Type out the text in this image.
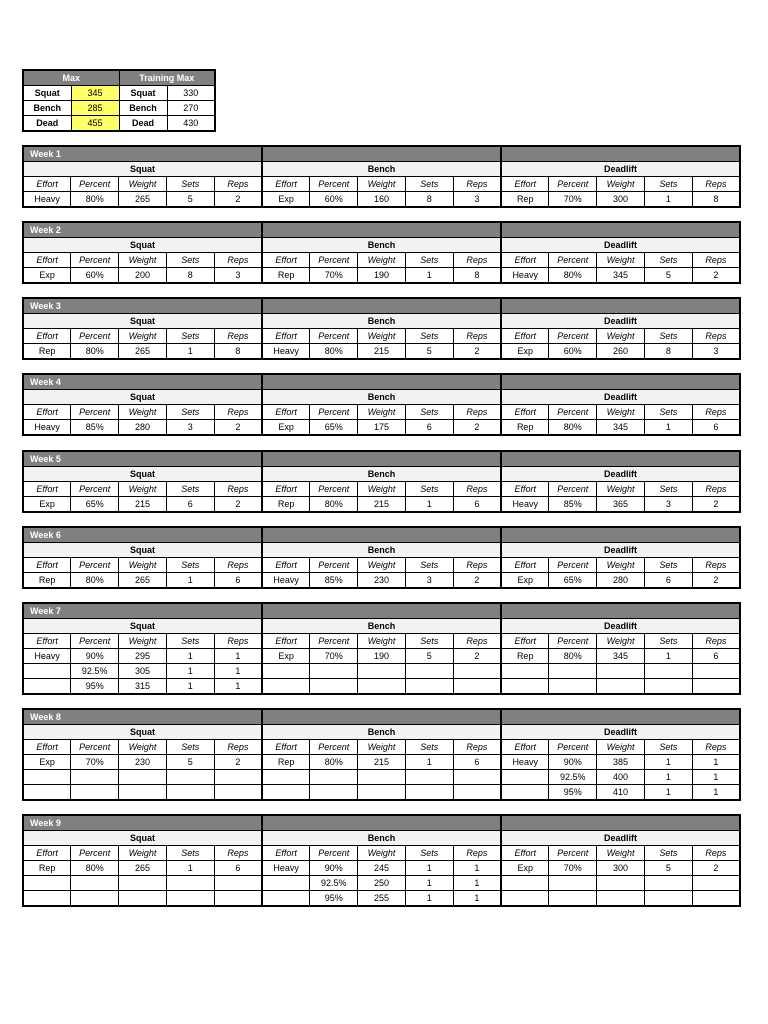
Max		Training Max	
Squat	345	Squat	330
Bench	285	Bench	270
Dead	455	Dead	430
Week 1														
Squat					Bench					Deadlift				
Effort	Percent	Weight	Sets	Reps	Effort	Percent	Weight	Sets	Reps	Effort	Percent	Weight	Sets	Reps
Heavy	80%	265	5	2	Exp	60%	160	8	3	Rep	70%	300	1	8
Week 2														
Squat					Bench					Deadlift				
Effort	Percent	Weight	Sets	Reps	Effort	Percent	Weight	Sets	Reps	Effort	Percent	Weight	Sets	Reps
Exp	60%	200	8	3	Rep	70%	190	1	8	Heavy	80%	345	5	2
Week 3														
Squat					Bench					Deadlift				
Effort	Percent	Weight	Sets	Reps	Effort	Percent	Weight	Sets	Reps	Effort	Percent	Weight	Sets	Reps
Rep	80%	265	1	8	Heavy	80%	215	5	2	Exp	60%	260	8	3
Week 4														
Squat					Bench					Deadlift				
Effort	Percent	Weight	Sets	Reps	Effort	Percent	Weight	Sets	Reps	Effort	Percent	Weight	Sets	Reps
Heavy	85%	280	3	2	Exp	65%	175	6	2	Rep	80%	345	1	6
Week 5														
Squat					Bench					Deadlift				
Effort	Percent	Weight	Sets	Reps	Effort	Percent	Weight	Sets	Reps	Effort	Percent	Weight	Sets	Reps
Exp	65%	215	6	2	Rep	80%	215	1	6	Heavy	85%	365	3	2
Week 6														
Squat					Bench					Deadlift				
Effort	Percent	Weight	Sets	Reps	Effort	Percent	Weight	Sets	Reps	Effort	Percent	Weight	Sets	Reps
Rep	80%	265	1	6	Heavy	85%	230	3	2	Exp	65%	280	6	2
Week 7														
Squat					Bench					Deadlift				
Effort	Percent	Weight	Sets	Reps	Effort	Percent	Weight	Sets	Reps	Effort	Percent	Weight	Sets	Reps
Heavy	90%	295	1	1	Exp	70%	190	5	2	Rep	80%	345	1	6
	92.5%	305	1	1										
	95%	315	1	1										
Week 8														
Squat					Bench					Deadlift				
Effort	Percent	Weight	Sets	Reps	Effort	Percent	Weight	Sets	Reps	Effort	Percent	Weight	Sets	Reps
Exp	70%	230	5	2	Rep	80%	215	1	6	Heavy	90%	385	1	1
											92.5%	400	1	1
											95%	410	1	1
Week 9														
Squat					Bench					Deadlift				
Effort	Percent	Weight	Sets	Reps	Effort	Percent	Weight	Sets	Reps	Effort	Percent	Weight	Sets	Reps
Rep	80%	265	1	6	Heavy	90%	245	1	1	Exp	70%	300	5	2
						92.5%	250	1	1					
						95%	255	1	1					
